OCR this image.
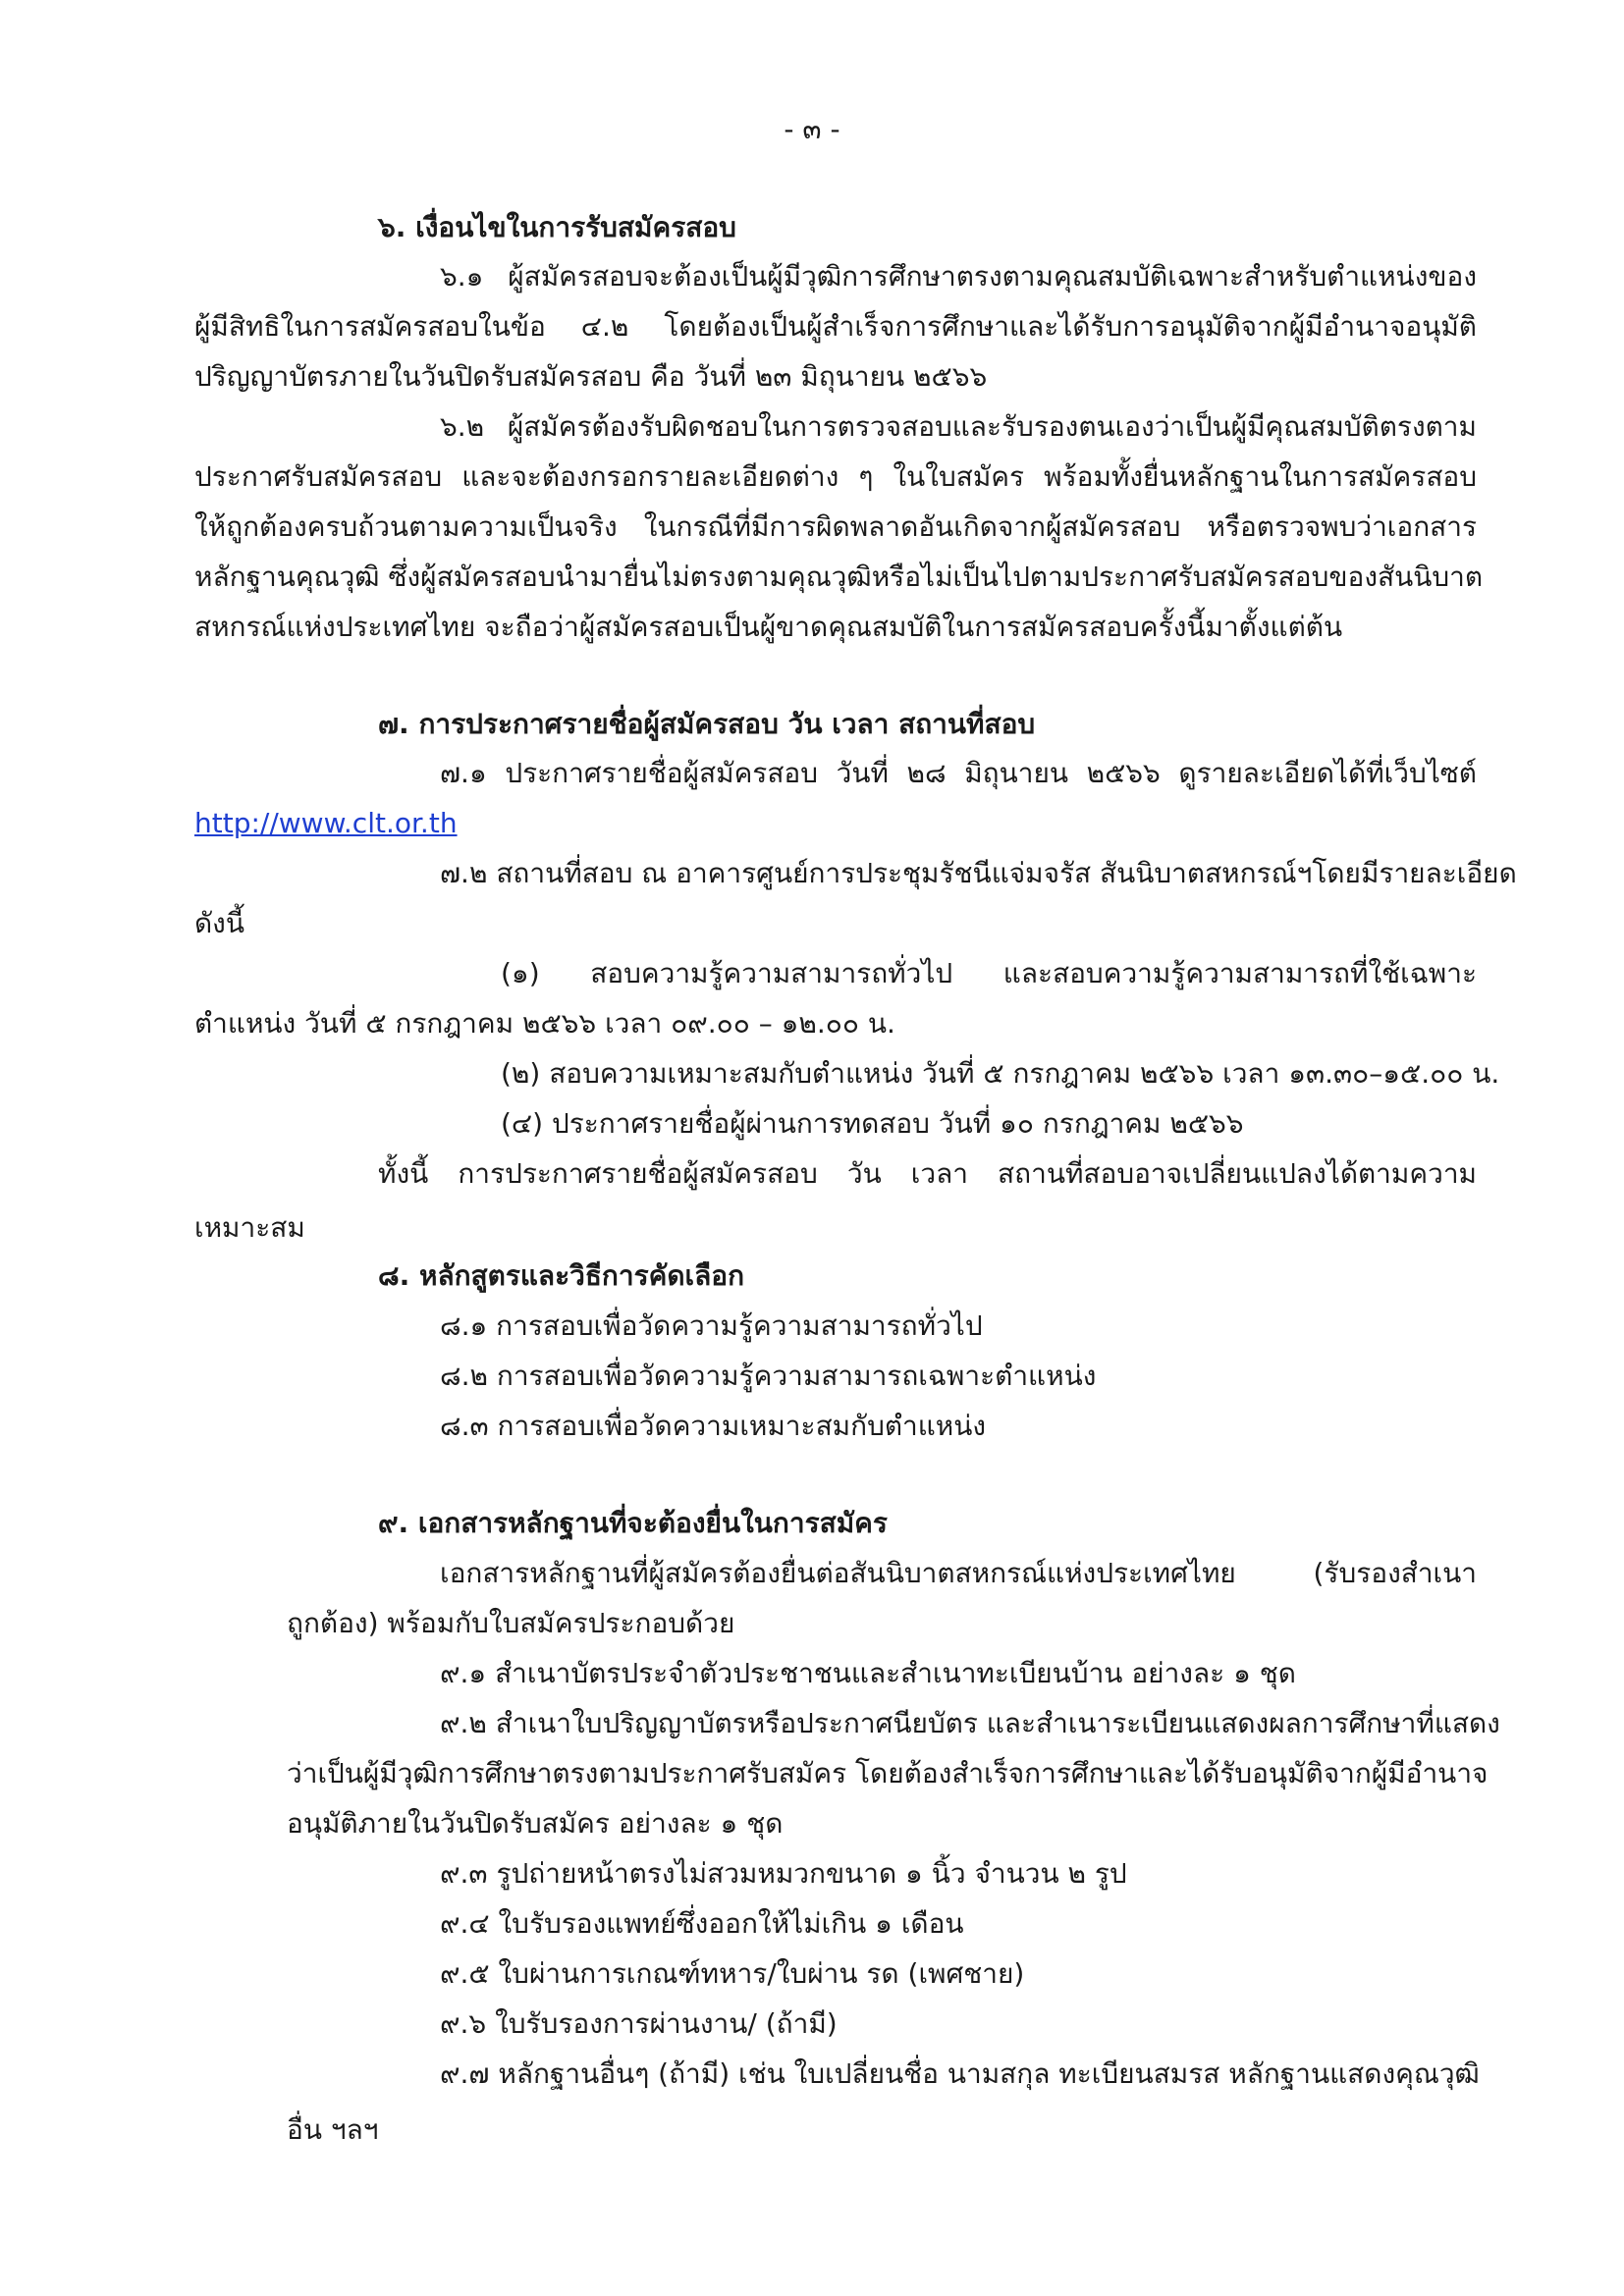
- ๓ -

๖. เงื่อนไขในการรับสมัครสอบ

๖.๑ ผู้สมัครสอบจะต้องเป็นผู้มีวุฒิการศึกษาตรงตามคุณสมบัติเฉพาะสำหรับตำแหน่งของ

ผู้มีสิทธิในการสมัครสอบในข้อ ๔.๒ โดยต้องเป็นผู้สำเร็จการศึกษาและได้รับการอนุมัติจากผู้มีอำนาจอนุมัติ

ปริญญาบัตรภายในวันปิดรับสมัครสอบ คือ วันที่ ๒๓ มิถุนายน ๒๕๖๖

๖.๒ ผู้สมัครต้องรับผิดชอบในการตรวจสอบและรับรองตนเองว่าเป็นผู้มีคุณสมบัติตรงตาม

ประกาศรับสมัครสอบ และจะต้องกรอกรายละเอียดต่าง ๆ ในใบสมัคร พร้อมทั้งยื่นหลักฐานในการสมัครสอบ

ให้ถูกต้องครบถ้วนตามความเป็นจริง ในกรณีที่มีการผิดพลาดอันเกิดจากผู้สมัครสอบ หรือตรวจพบว่าเอกสาร

หลักฐานคุณวุฒิ ซึ่งผู้สมัครสอบนำมายื่นไม่ตรงตามคุณวุฒิหรือไม่เป็นไปตามประกาศรับสมัครสอบของสันนิบาต

สหกรณ์แห่งประเทศไทย จะถือว่าผู้สมัครสอบเป็นผู้ขาดคุณสมบัติในการสมัครสอบครั้งนี้มาตั้งแต่ต้น

๗. การประกาศรายชื่อผู้สมัครสอบ วัน เวลา สถานที่สอบ

๗.๑ ประกาศรายชื่อผู้สมัครสอบ วันที่ ๒๘ มิถุนายน ๒๕๖๖ ดูรายละเอียดได้ที่เว็บไซต์

http://www.clt.or.th

๗.๒ สถานที่สอบ ณ อาคารศูนย์การประชุมรัชนีแจ่มจรัส สันนิบาตสหกรณ์ฯโดยมีรายละเอียด

ดังนี้

(๑) สอบความรู้ความสามารถทั่วไป และสอบความรู้ความสามารถที่ใช้เฉพาะ

ตำแหน่ง วันที่ ๕ กรกฎาคม ๒๕๖๖ เวลา ๐๙.๐๐ – ๑๒.๐๐ น.

(๒) สอบความเหมาะสมกับตำแหน่ง วันที่ ๕ กรกฎาคม ๒๕๖๖ เวลา ๑๓.๓๐–๑๕.๐๐ น.

(๔) ประกาศรายชื่อผู้ผ่านการทดสอบ วันที่ ๑๐ กรกฎาคม ๒๕๖๖

ทั้งนี้ การประกาศรายชื่อผู้สมัครสอบ วัน เวลา สถานที่สอบอาจเปลี่ยนแปลงได้ตามความ

เหมาะสม

๘. หลักสูตรและวิธีการคัดเลือก

๘.๑ การสอบเพื่อวัดความรู้ความสามารถทั่วไป

๘.๒ การสอบเพื่อวัดความรู้ความสามารถเฉพาะตำแหน่ง

๘.๓ การสอบเพื่อวัดความเหมาะสมกับตำแหน่ง

๙. เอกสารหลักฐานที่จะต้องยื่นในการสมัคร

เอกสารหลักฐานที่ผู้สมัครต้องยื่นต่อสันนิบาตสหกรณ์แห่งประเทศไทย (รับรองสำเนา

ถูกต้อง) พร้อมกับใบสมัครประกอบด้วย

๙.๑ สำเนาบัตรประจำตัวประชาชนและสำเนาทะเบียนบ้าน อย่างละ ๑ ชุด

๙.๒ สำเนาใบปริญญาบัตรหรือประกาศนียบัตร และสำเนาระเบียนแสดงผลการศึกษาที่แสดง

ว่าเป็นผู้มีวุฒิการศึกษาตรงตามประกาศรับสมัคร โดยต้องสำเร็จการศึกษาและได้รับอนุมัติจากผู้มีอำนาจ

อนุมัติภายในวันปิดรับสมัคร อย่างละ ๑ ชุด

๙.๓ รูปถ่ายหน้าตรงไม่สวมหมวกขนาด ๑ นิ้ว จำนวน ๒ รูป

๙.๔ ใบรับรองแพทย์ซึ่งออกให้ไม่เกิน ๑ เดือน

๙.๕ ใบผ่านการเกณฑ์ทหาร/ใบผ่าน รด (เพศชาย)

๙.๖ ใบรับรองการผ่านงาน/ (ถ้ามี)

๙.๗ หลักฐานอื่นๆ (ถ้ามี) เช่น ใบเปลี่ยนชื่อ นามสกุล ทะเบียนสมรส หลักฐานแสดงคุณวุฒิ

อื่น ฯลฯ
